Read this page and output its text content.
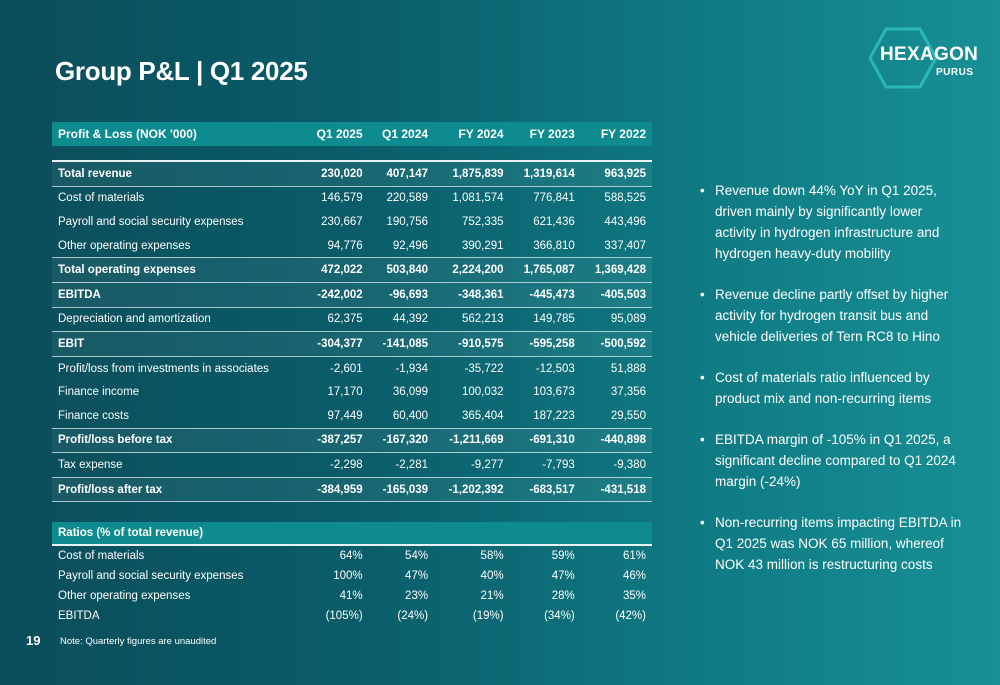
Group P&L | Q1 2025
HEXAGON
PURUS
Profit & Loss (NOK '000)	Q1 2025	Q1 2024	FY 2024	FY 2023	FY 2022

Total revenue	230,020	407,147	1,875,839	1,319,614	963,925
Cost of materials	146,579	220,589	1,081,574	776,841	588,525
Payroll and social security expenses	230,667	190,756	752,335	621,436	443,496
Other operating expenses	94,776	92,496	390,291	366,810	337,407
Total operating expenses	472,022	503,840	2,224,200	1,765,087	1,369,428
EBITDA	-242,002	-96,693	-348,361	-445,473	-405,503
Depreciation and amortization	62,375	44,392	562,213	149,785	95,089
EBIT	-304,377	-141,085	-910,575	-595,258	-500,592
Profit/loss from investments in associates	-2,601	-1,934	-35,722	-12,503	51,888
Finance income	17,170	36,099	100,032	103,673	37,356
Finance costs	97,449	60,400	365,404	187,223	29,550
Profit/loss before tax	-387,257	-167,320	-1,211,669	-691,310	-440,898
Tax expense	-2,298	-2,281	-9,277	-7,793	-9,380
Profit/loss after tax	-384,959	-165,039	-1,202,392	-683,517	-431,518

Ratios (% of total revenue)					
Cost of materials	64%	54%	58%	59%	61%
Payroll and social security expenses	100%	47%	40%	47%	46%
Other operating expenses	41%	23%	21%	28%	35%
EBITDA	(105%)	(24%)	(19%)	(34%)	(42%)
• Revenue down 44% YoY in Q1 2025, driven mainly by significantly lower activity in hydrogen infrastructure and hydrogen heavy-duty mobility
• Revenue decline partly offset by higher activity for hydrogen transit bus and vehicle deliveries of Tern RC8 to Hino
• Cost of materials ratio influenced by product mix and non-recurring items
• EBITDA margin of -105% in Q1 2025, a significant decline compared to Q1 2024 margin (-24%)
• Non-recurring items impacting EBITDA in Q1 2025 was NOK 65 million, whereof NOK 43 million is restructuring costs
19 Note: Quarterly figures are unaudited
